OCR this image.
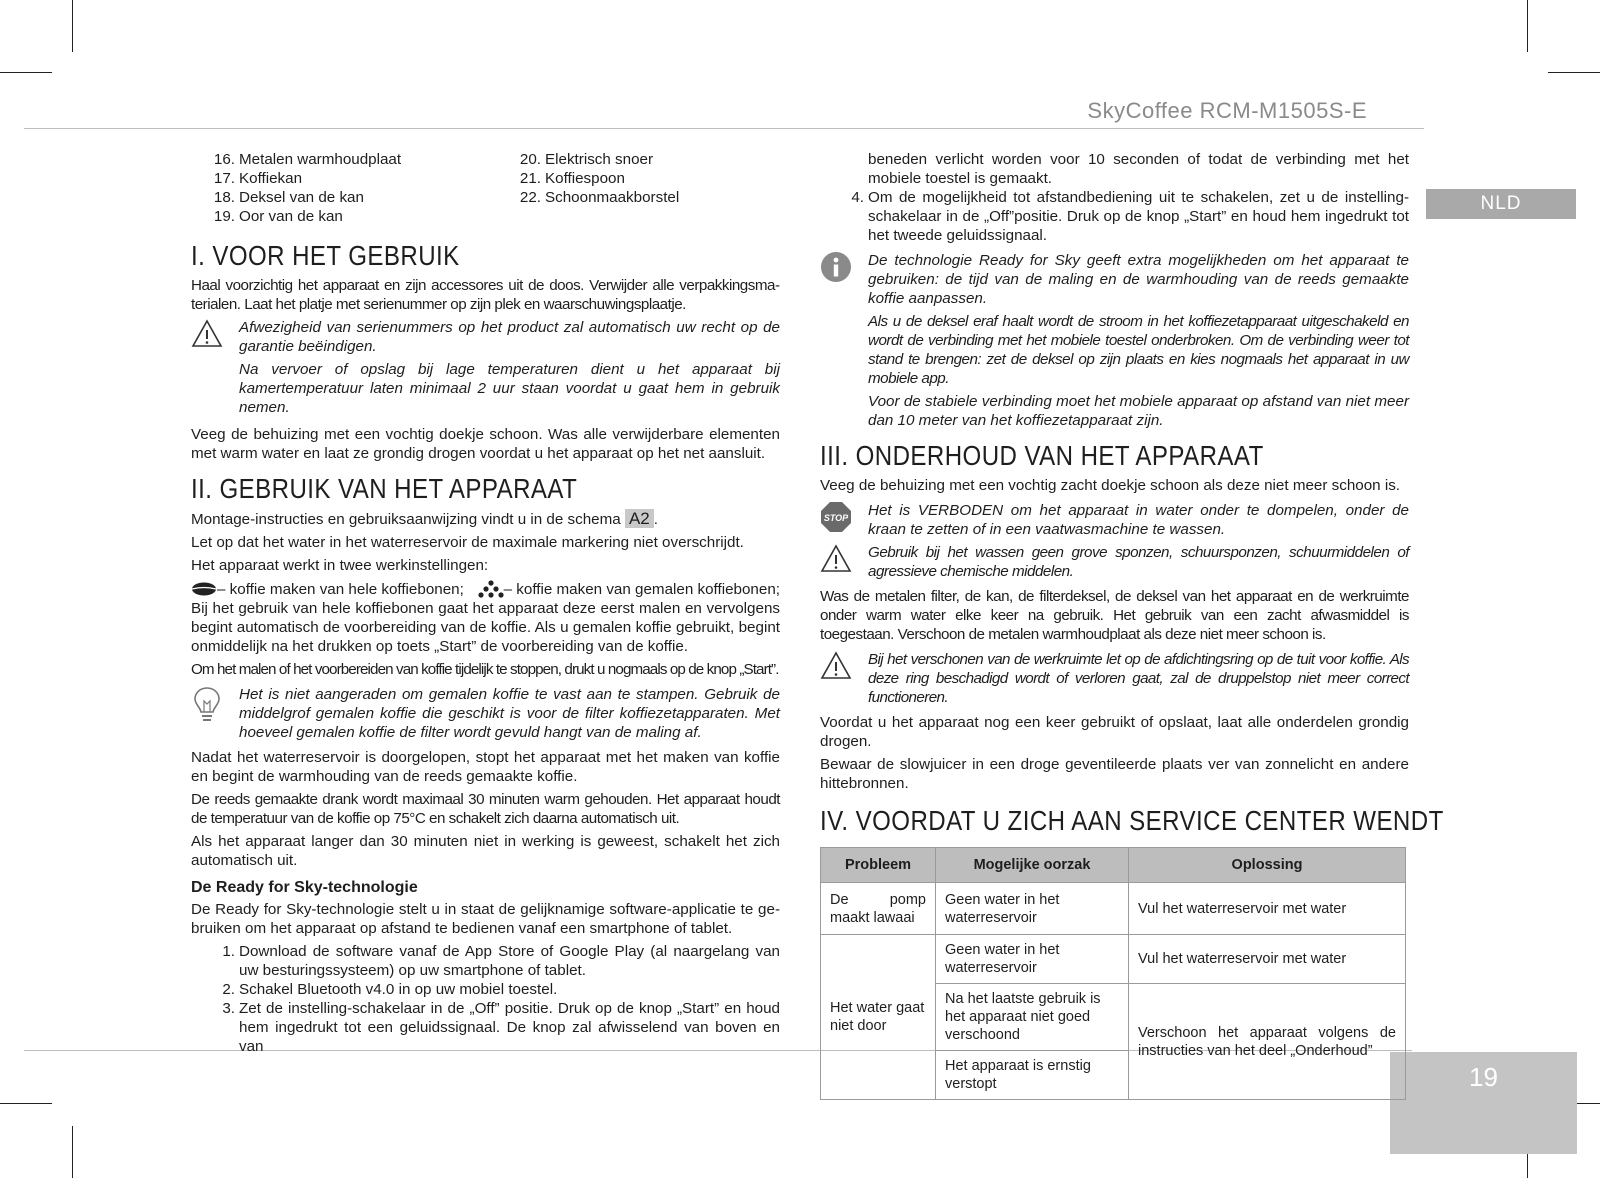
SkyCoffee RCM-M1505S-E
NLD
19
16. Metalen warmhoudplaat
17. Koffiekan
18. Deksel van de kan
19. Oor van de kan
20. Elektrisch snoer
21. Koffiespoon
22. Schoonmaakborstel
I. VOOR HET GEBRUIK

Haal voorzichtig het apparaat en zijn accessores uit de doos. Verwijder alle verpakkingsmaterialen. Laat het platje met serienummer op zijn plek en waarschuwingsplaatje.

Afwezigheid van serienummers op het product zal automatisch uw recht op de garantie beëindigen.

Na vervoer of opslag bij lage temperaturen dient u het apparaat bij kamertemperatuur laten minimaal 2 uur staan voordat u gaat hem in gebruik nemen.

Veeg de behuizing met een vochtig doekje schoon. Was alle verwijderbare elementen met warm water en laat ze grondig drogen voordat u het apparaat op het net aansluit.

II. GEBRUIK VAN HET APPARAAT

Montage-instructies en gebruiksaanwijzing vindt u in de schema A2 .

Let op dat het water in het waterreservoir de maximale markering niet overschrijdt.

Het apparaat werkt in twee werkinstellingen:

– koffie maken van hele koffiebonen;	– koffie maken van gemalen koffiebonen;

Bij het gebruik van hele koffiebonen gaat het apparaat deze eerst malen en vervolgens begint automatisch de voorbereiding van de koffie. Als u gemalen koffie gebruikt, begint onmiddelijk na het drukken op toets „Start” de voorbereiding van de koffie.

Om het malen of het voorbereiden van koffie tijdelijk te stoppen, drukt u nogmaals op de knop „Start”.

Het is niet aangeraden om gemalen koffie te vast aan te stampen. Gebruik de middelgrof gemalen koffie die geschikt is voor de filter koffiezetapparaten. Met hoeveel gemalen koffie de filter wordt gevuld hangt van de maling af.

Nadat het waterreservoir is doorgelopen, stopt het apparaat met het maken van koffie en begint de warmhouding van de reeds gemaakte koffie.

De reeds gemaakte drank wordt maximaal 30 minuten warm gehouden. Het apparaat houdt de temperatuur van de koffie op 75°C en schakelt zich daarna automatisch uit.

Als het apparaat langer dan 30 minuten niet in werking is geweest, schakelt het zich automatisch uit.

De Ready for Sky-technologie

De Ready for Sky-technologie stelt u in staat de gelijknamige software-applicatie te gebruiken om het apparaat op afstand te bedienen vanaf een smartphone of tablet.

1. Download de software vanaf de App Store of Google Play (al naargelang van uw besturingssysteem) op uw smartphone of tablet.
2. Schakel Bluetooth v4.0 in op uw mobiel toestel.
3. Zet de instelling-schakelaar in de „Off” positie. Druk op de knop „Start” en houd hem ingedrukt tot een geluidssignaal. De knop zal afwisselend van boven en van
beneden verlicht worden voor 10 seconden of todat de verbinding met het mobiele toestel is gemaakt.
4. Om de mogelijkheid tot afstandbediening uit te schakelen, zet u de instellingschakelaar in de „Off”positie. Druk op de knop „Start” en houd hem ingedrukt tot het tweede geluidssignaal.

De technologie Ready for Sky geeft extra mogelijkheden om het apparaat te gebruiken: de tijd van de maling en de warmhouding van de reeds gemaakte koffie aanpassen.

Als u de deksel eraf haalt wordt de stroom in het koffiezetapparaat uitgeschakeld en wordt de verbinding met het mobiele toestel onderbroken. Om de verbinding weer tot stand te brengen: zet de deksel op zijn plaats en kies nogmaals het apparaat in uw mobiele app.

Voor de stabiele verbinding moet het mobiele apparaat op afstand van niet meer dan 10 meter van het koffiezetapparaat zijn.

III. ONDERHOUD VAN HET APPARAAT

Veeg de behuizing met een vochtig zacht doekje schoon als deze niet meer schoon is.

STOP Het is VERBODEN om het apparaat in water onder te dompelen, onder de kraan te zetten of in een vaatwasmachine te wassen.

Gebruik bij het wassen geen grove sponzen, schuursponzen, schuurmiddelen of agressieve chemische middelen.

Was de metalen filter, de kan, de filterdeksel, de deksel van het apparaat en de werkruimte onder warm water elke keer na gebruik. Het gebruik van een zacht afwasmiddel is toegestaan. Verschoon de metalen warmhoudplaat als deze niet meer schoon is.

Bij het verschonen van de werkruimte let op de afdichtingsring op de tuit voor koffie. Als deze ring beschadigd wordt of verloren gaat, zal de druppelstop niet meer correct functioneren.

Voordat u het apparaat nog een keer gebruikt of opslaat, laat alle onderdelen grondig drogen.

Bewaar de slowjuicer in een droge geventileerde plaats ver van zonnelicht en andere hittebronnen.

IV. VOORDAT U ZICH AAN SERVICE CENTER WENDT
Probleem	Mogelijke oorzak	Oplossing
De pomp maakt lawaai	Geen water in het waterreservoir	Vul het waterreservoir met water
Het water gaat niet door	Geen water in het waterreservoir	Vul het waterreservoir met water
	Na het laatste gebruik is het apparaat niet goed verschoond	Verschoon het apparaat volgens de instructies van het deel „Onderhoud”
	Het apparaat is ernstig verstopt	
